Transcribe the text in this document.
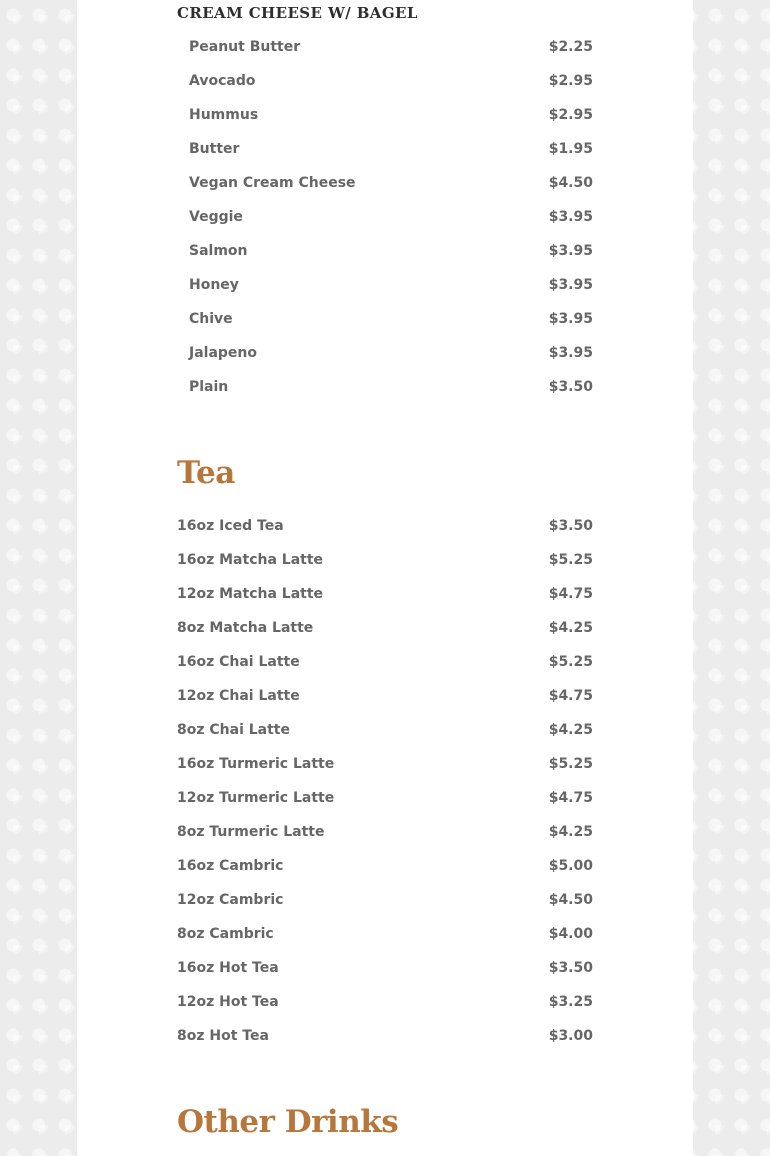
CREAM CHEESE W/ BAGEL
Peanut Butter	$2.25
Avocado	$2.95
Hummus	$2.95
Butter	$1.95
Vegan Cream Cheese	$4.50
Veggie	$3.95
Salmon	$3.95
Honey	$3.95
Chive	$3.95
Jalapeno	$3.95
Plain	$3.50
Tea
16oz Iced Tea	$3.50
16oz Matcha Latte	$5.25
12oz Matcha Latte	$4.75
8oz Matcha Latte	$4.25
16oz Chai Latte	$5.25
12oz Chai Latte	$4.75
8oz Chai Latte	$4.25
16oz Turmeric Latte	$5.25
12oz Turmeric Latte	$4.75
8oz Turmeric Latte	$4.25
16oz Cambric	$5.00
12oz Cambric	$4.50
8oz Cambric	$4.00
16oz Hot Tea	$3.50
12oz Hot Tea	$3.25
8oz Hot Tea	$3.00
Other Drinks
